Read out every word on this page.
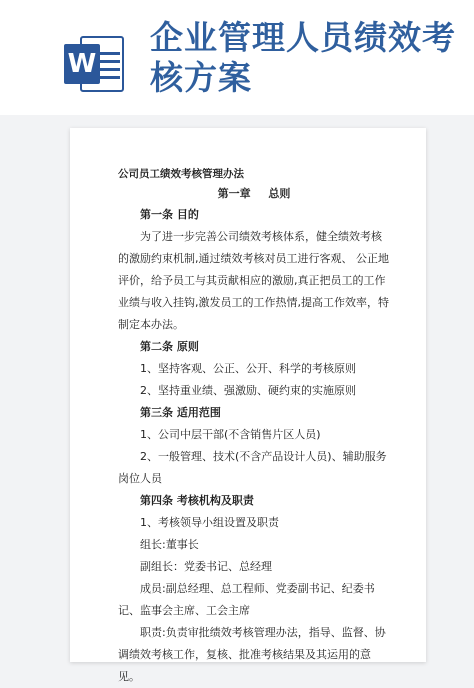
W
企业管理人员绩效考核方案

公司员工绩效考核管理办法

第一章 总则

第一条 目的

为了进一步完善公司绩效考核体系，健全绩效考核的激励约束机制,通过绩效考核对员工进行客观、 公正地评价，给予员工与其贡献相应的激励,真正把员工的工作业绩与收入挂钩,激发员工的工作热情,提高工作效率，特制定本办法。

第二条 原则

1、坚持客观、公正、公开、科学的考核原则

2、坚持重业绩、强激励、硬约束的实施原则

第三条 适用范围

1、公司中层干部(不含销售片区人员)

2、一般管理、技术(不含产品设计人员)、辅助服务岗位人员

第四条 考核机构及职责

1、考核领导小组设置及职责

组长:董事长

副组长：党委书记、总经理

成员:副总经理、总工程师、党委副书记、纪委书记、监事会主席、工会主席

职责:负责审批绩效考核管理办法，指导、监督、协调绩效考核工作，复核、批准考核结果及其运用的意见。
